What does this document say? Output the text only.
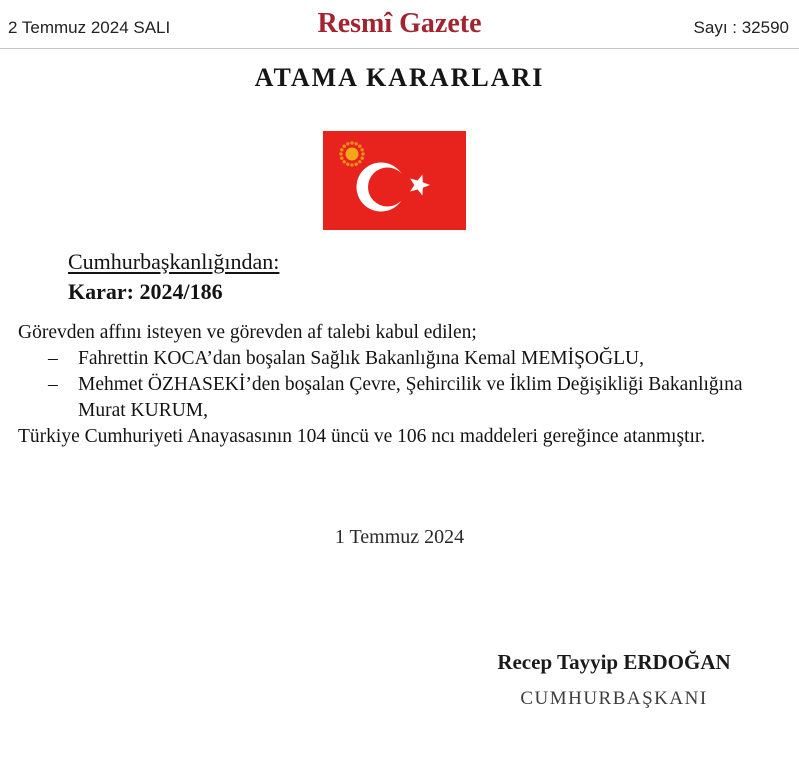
2 Temmuz 2024 SALI	Resmî Gazete	Sayı : 32590
ATAMA KARARLARI
Cumhurbaşkanlığından:
Karar: 2024/186
Görevden affını isteyen ve görevden af talebi kabul edilen;
–	Fahrettin KOCA’dan boşalan Sağlık Bakanlığına Kemal MEMİŞOĞLU,
–	Mehmet ÖZHASEKİ’den boşalan Çevre, Şehircilik ve İklim Değişikliği Bakanlığına
Murat KURUM,
Türkiye Cumhuriyeti Anayasasının 104 üncü ve 106 ncı maddeleri gereğince atanmıştır.
1 Temmuz 2024
Recep Tayyip ERDOĞAN
CUMHURBAŞKANI
